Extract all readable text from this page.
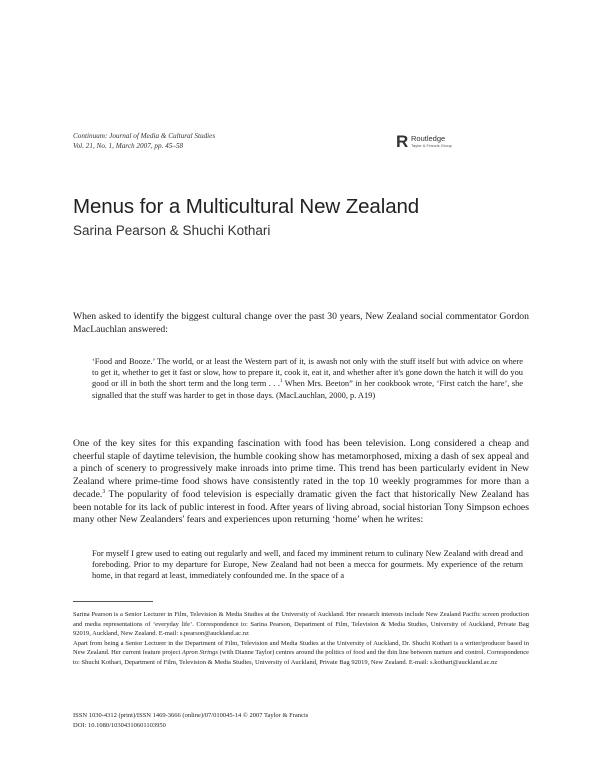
Continuum: Journal of Media & Cultural Studies
Vol. 21, No. 1, March 2007, pp. 45–58	R Routledge
Taylor & Francis Group
Menus for a Multicultural New Zealand
Sarina Pearson & Shuchi Kothari
When asked to identify the biggest cultural change over the past 30 years, New Zealand social commentator Gordon MacLauchlan answered:
‘Food and Booze.’ The world, or at least the Western part of it, is awash not only with the stuff itself but with advice on where to get it, whether to get it fast or slow, how to prepare it, cook it, eat it, and whether after it's gone down the hatch it will do you good or ill in both the short term and the long term . . .$^1$ When Mrs. Beeton” in her cookbook wrote, ‘First catch the hare’, she signalled that the stuff was harder to get in those days. (MacLauchlan, 2000, p. A19)
One of the key sites for this expanding fascination with food has been television. Long considered a cheap and cheerful staple of daytime television, the humble cooking show has metamorphosed, mixing a dash of sex appeal and a pinch of scenery to progressively make inroads into prime time. This trend has been particularly evident in New Zealand where prime-time food shows have consistently rated in the top 10 weekly programmes for more than a decade.$^3$ The popularity of food television is especially dramatic given the fact that historically New Zealand has been notable for its lack of public interest in food. After years of living abroad, social historian Tony Simpson echoes many other New Zealanders' fears and experiences upon returning ‘home’ when he writes:
For myself I grew used to eating out regularly and well, and faced my imminent return to culinary New Zealand with dread and foreboding. Prior to my departure for Europe, New Zealand had not been a mecca for gourmets. My experience of the return home, in that regard at least, immediately confounded me. In the space of a

Sarina Pearson is a Senior Lecturer in Film, Television & Media Studies at the University of Auckland. Her research interests include New Zealand Pacific screen production and media representations of ‘everyday life’. Correspondence to: Sarina Pearson, Department of Film, Television & Media Studies, University of Auckland, Private Bag 92019, Auckland, New Zealand. E-mail: s.pearson@auckland.ac.nz

Apart from being a Senior Lecturer in the Department of Film, Television and Media Studies at the University of Auckland, Dr. Shuchi Kothari is a writer/producer based in New Zealand. Her current feature project Apron Strings (with Dianne Taylor) centres around the politics of food and the thin line between nurture and control. Correspondence to: Shuchi Kothari, Department of Film, Television & Media Studies, University of Auckland, Private Bag 92019, New Zealand. E-mail: s.kothari@auckland.ac.nz

ISSN 1030-4312 (print)/ISSN 1469-3666 (online)/07/010045-14 © 2007 Taylor & Francis

DOI: 10.1080/10304310601103950
